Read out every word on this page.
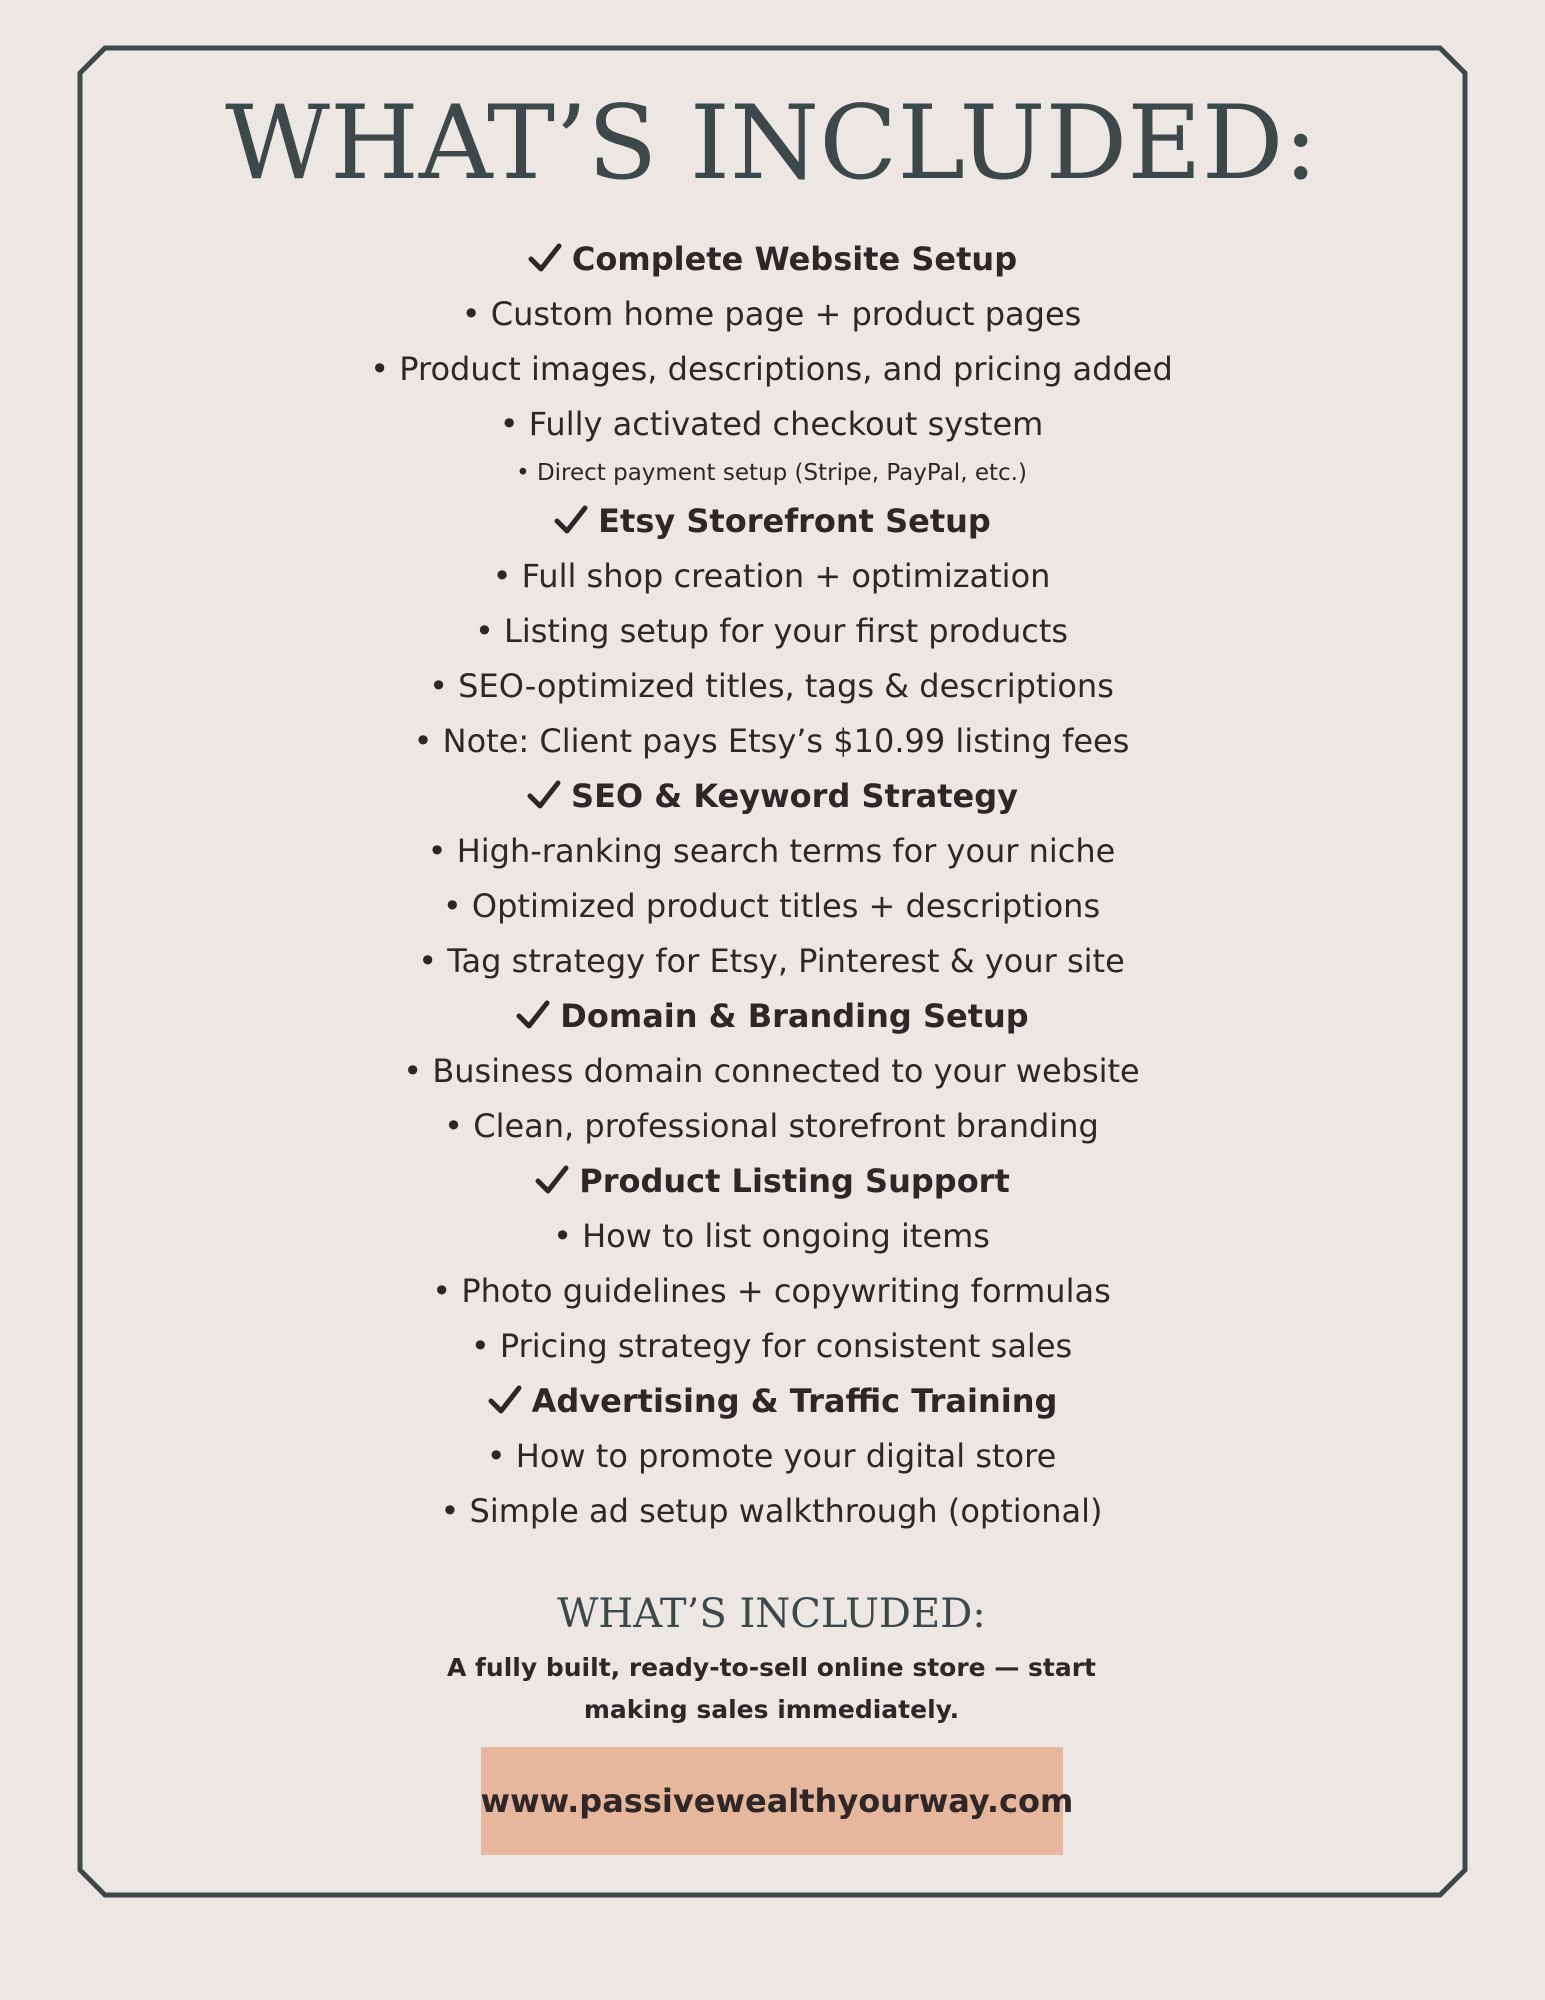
WHAT’S INCLUDED:
Complete Website Setup
• Custom home page + product pages
• Product images, descriptions, and pricing added
• Fully activated checkout system
• Direct payment setup (Stripe, PayPal, etc.)
Etsy Storefront Setup
• Full shop creation + optimization
• Listing setup for your first products
• SEO-optimized titles, tags & descriptions
• Note: Client pays Etsy’s $10.99 listing fees
SEO & Keyword Strategy
• High-ranking search terms for your niche
• Optimized product titles + descriptions
• Tag strategy for Etsy, Pinterest & your site
Domain & Branding Setup
• Business domain connected to your website
• Clean, professional storefront branding
Product Listing Support
• How to list ongoing items
• Photo guidelines + copywriting formulas
• Pricing strategy for consistent sales
Advertising & Traffic Training
• How to promote your digital store
• Simple ad setup walkthrough (optional)
WHAT’S INCLUDED:
A fully built, ready-to-sell online store — start making sales immediately.
www.passivewealthyourway.com
